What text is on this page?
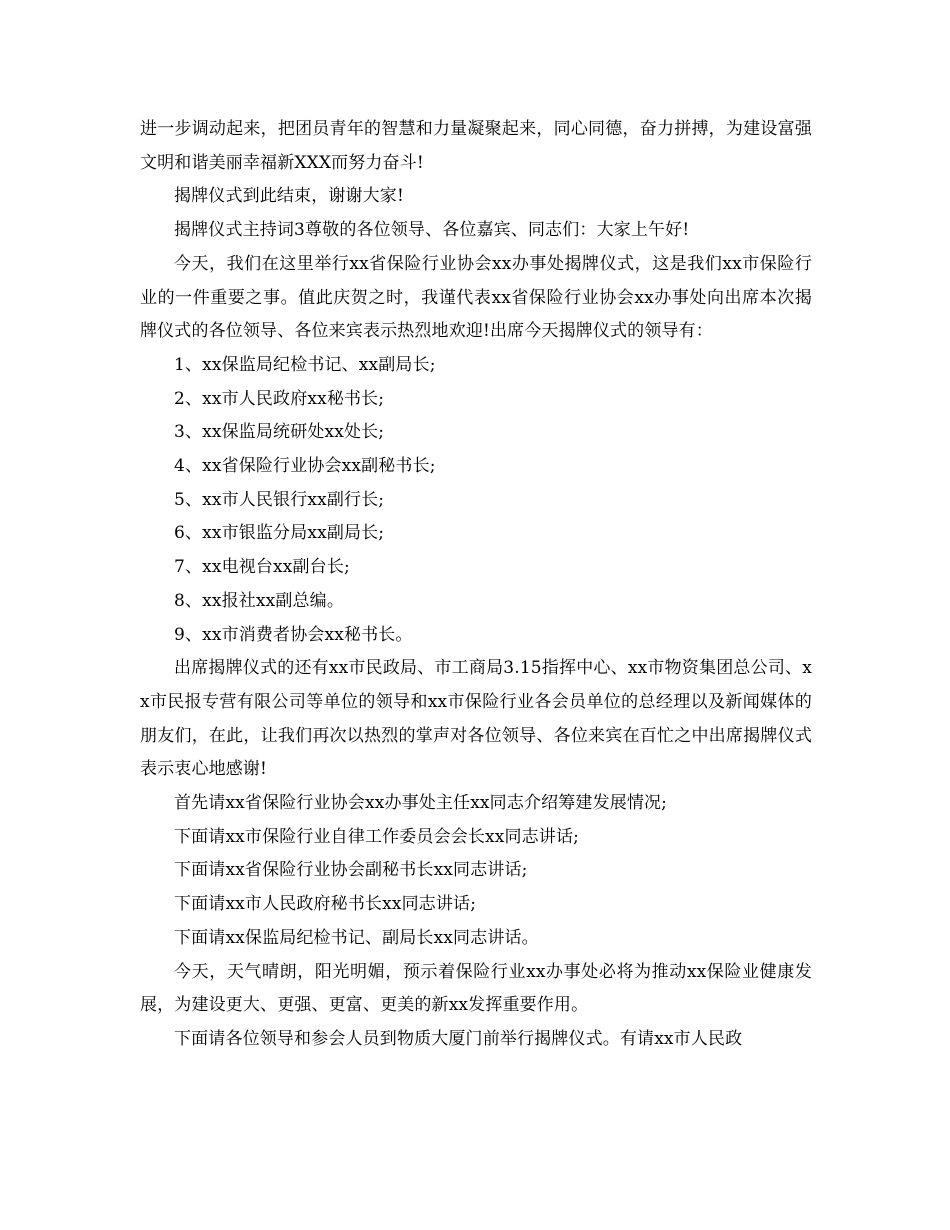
进一步调动起来，把团员青年的智慧和力量凝聚起来，同心同德，奋力拼搏，为建设富强文明和谐美丽幸福新XXX而努力奋斗!

揭牌仪式到此结束，谢谢大家!

揭牌仪式主持词3尊敬的各位领导、各位嘉宾、同志们：大家上午好!

今天，我们在这里举行xx省保险行业协会xx办事处揭牌仪式，这是我们xx市保险行业的一件重要之事。值此庆贺之时，我谨代表xx省保险行业协会xx办事处向出席本次揭牌仪式的各位领导、各位来宾表示热烈地欢迎!出席今天揭牌仪式的领导有：

1、xx保监局纪检书记、xx副局长;

2、xx市人民政府xx秘书长;

3、xx保监局统研处xx处长;

4、xx省保险行业协会xx副秘书长;

5、xx市人民银行xx副行长;

6、xx市银监分局xx副局长;

7、xx电视台xx副台长;

8、xx报社xx副总编。

9、xx市消费者协会xx秘书长。

出席揭牌仪式的还有xx市民政局、市工商局3.15指挥中心、xx市物资集团总公司、xx市民报专营有限公司等单位的领导和xx市保险行业各会员单位的总经理以及新闻媒体的朋友们，在此，让我们再次以热烈的掌声对各位领导、各位来宾在百忙之中出席揭牌仪式表示衷心地感谢!

首先请xx省保险行业协会xx办事处主任xx同志介绍筹建发展情况;

下面请xx市保险行业自律工作委员会会长xx同志讲话;

下面请xx省保险行业协会副秘书长xx同志讲话;

下面请xx市人民政府秘书长xx同志讲话;

下面请xx保监局纪检书记、副局长xx同志讲话。

今天，天气晴朗，阳光明媚，预示着保险行业xx办事处必将为推动xx保险业健康发展，为建设更大、更强、更富、更美的新xx发挥重要作用。

下面请各位领导和参会人员到物质大厦门前举行揭牌仪式。有请xx市人民政
